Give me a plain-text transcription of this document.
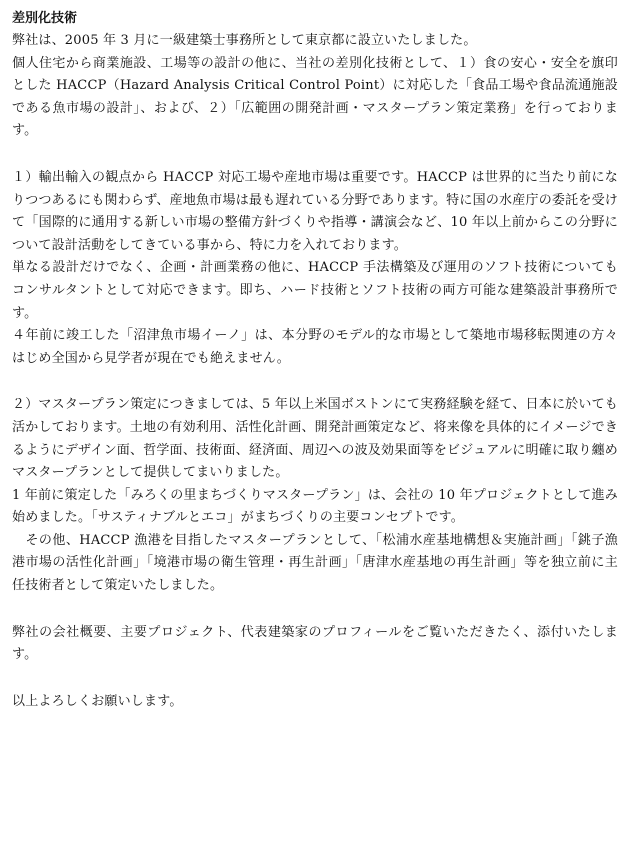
差別化技術

弊社は、2005 年 3 月に一級建築士事務所として東京都に設立いたしました。

個人住宅から商業施設、工場等の設計の他に、当社の差別化技術として、１）食の安心・安全を旗印とした HACCP（Hazard Analysis Critical Control Point）に対応した「食品工場や食品流通施設である魚市場の設計」、および、２）「広範囲の開発計画・マスタープラン策定業務」を行っております。

１）輸出輸入の観点から HACCP 対応工場や産地市場は重要です。HACCP は世界的に当たり前になりつつあるにも関わらず、産地魚市場は最も遅れている分野であります。特に国の水産庁の委託を受けて「国際的に通用する新しい市場の整備方針づくりや指導・講演会など、10 年以上前からこの分野について設計活動をしてきている事から、特に力を入れております。

単なる設計だけでなく、企画・計画業務の他に、HACCP 手法構築及び運用のソフト技術についてもコンサルタントとして対応できます。即ち、ハード技術とソフト技術の両方可能な建築設計事務所です。

４年前に竣工した「沼津魚市場イーノ」は、本分野のモデル的な市場として築地市場移転関連の方々はじめ全国から見学者が現在でも絶えません。

２）マスタープラン策定につきましては、5 年以上米国ボストンにて実務経験を経て、日本に於いても活かしております。土地の有効利用、活性化計画、開発計画策定など、将来像を具体的にイメージできるようにデザイン面、哲学面、技術面、経済面、周辺への波及効果面等をビジュアルに明確に取り纏めマスタープランとして提供してまいりました。

1 年前に策定した「みろくの里まちづくりマスタープラン」は、会社の 10 年プロジェクトとして進み始めました。「サスティナブルとエコ」がまちづくりの主要コンセプトです。

　その他、HACCP 漁港を目指したマスタープランとして、「松浦水産基地構想＆実施計画」「銚子漁港市場の活性化計画」「境港市場の衛生管理・再生計画」「唐津水産基地の再生計画」等を独立前に主任技術者として策定いたしました。

弊社の会社概要、主要プロジェクト、代表建築家のプロフィールをご覧いただきたく、添付いたします。

以上よろしくお願いします。
